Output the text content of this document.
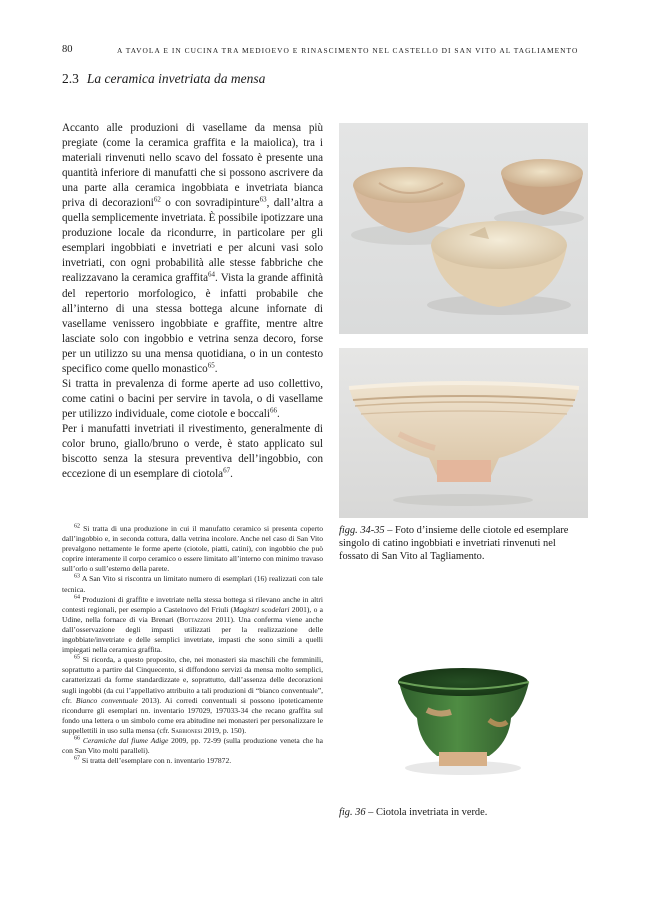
80	A TAVOLA E IN CUCINA TRA MEDIOEVO E RINASCIMENTO NEL CASTELLO DI SAN VITO AL TAGLIAMENTO
2.3 La ceramica invetriata da mensa

Accanto alle produzioni di vasellame da mensa più pregiate (come la ceramica graffita e la maiolica), tra i materiali rinvenuti nello scavo del fossato è presente una quantità inferiore di manufatti che si possono ascrivere da una parte alla ceramica ingobbiata e invetriata bianca priva di decorazioni$^{62}$ o con sovradipinture$^{63}$, dall’altra a quella semplicemente invetriata. È possibile ipotizzare una produzione locale da ricondurre, in particolare per gli esemplari ingobbiati e invetriati e per alcuni vasi solo invetriati, con ogni probabilità alle stesse fabbriche che realizzavano la ceramica graffita$^{64}$. Vista la grande affinità del repertorio morfologico, è infatti probabile che all’interno di una stessa bottega alcune infornate di vasellame venissero ingobbiate e graffite, mentre altre lasciate solo con ingobbio e vetrina senza decoro, forse per un utilizzo su una mensa quotidiana, o in un contesto specifico come quello monastico$^{65}$.

Si tratta in prevalenza di forme aperte ad uso collettivo, come catini o bacini per servire in tavola, o di vasellame per utilizzo individuale, come ciotole e boccali$^{66}$.

Per i manufatti invetriati il rivestimento, generalmente di color bruno, giallo/bruno o verde, è stato applicato sul biscotto senza la stesura preventiva dell’ingobbio, con eccezione di un esemplare di ciotola$^{67}$.

$^{62}$ Si tratta di una produzione in cui il manufatto ceramico si presenta coperto dall’ingobbio e, in seconda cottura, dalla vetrina incolore. Anche nel caso di San Vito prevalgono nettamente le forme aperte (ciotole, piatti, catini), con ingobbio che può coprire interamente il corpo ceramico o essere limitato all’interno con minimo travaso sull’orlo o sull’esterno della parete.

$^{63}$ A San Vito si riscontra un limitato numero di esemplari (16) realizzati con tale tecnica.

$^{64}$ Produzioni di graffite e invetriate nella stessa bottega si rilevano anche in altri contesti regionali, per esempio a Castelnovo del Friuli (Magistri scodelari 2001), o a Udine, nella fornace di via Brenari (Bottazzoni 2011). Una conferma viene anche dall’osservazione degli impasti utilizzati per la realizzazione delle ingobbiate/invetriate e delle semplici invetriate, impasti che sono simili a quelli impiegati nella ceramica graffita.

$^{65}$ Si ricorda, a questo proposito, che, nei monasteri sia maschili che femminili, soprattutto a partire dal Cinquecento, si diffondono servizi da mensa molto semplici, caratterizzati da forme standardizzate e, soprattutto, dall’assenza delle decorazioni sugli ingobbi (da cui l’appellativo attribuito a tali produzioni di “bianco conventuale”, cfr. Bianco conventuale 2013). Ai corredi conventuali si possono ipoteticamente ricondurre gli esemplari nn. inventario 197029, 197033-34 che recano graffita sul fondo una lettera o un simbolo come era abitudine nei monasteri per personalizzare le suppellettili in uso sulla mensa (cfr. Sabbionesi 2019, p. 150).

$^{66}$ Ceramiche dal fiume Adige 2009, pp. 72-99 (sulla produzione veneta che ha con San Vito molti paralleli).

$^{67}$ Si tratta dell’esemplare con n. inventario 197872.

figg. 34-35 – Foto d’insieme delle ciotole ed esemplare singolo di catino ingobbiati e invetriati rinvenuti nel fossato di San Vito al Tagliamento.
fig. 36 – Ciotola invetriata in verde.
